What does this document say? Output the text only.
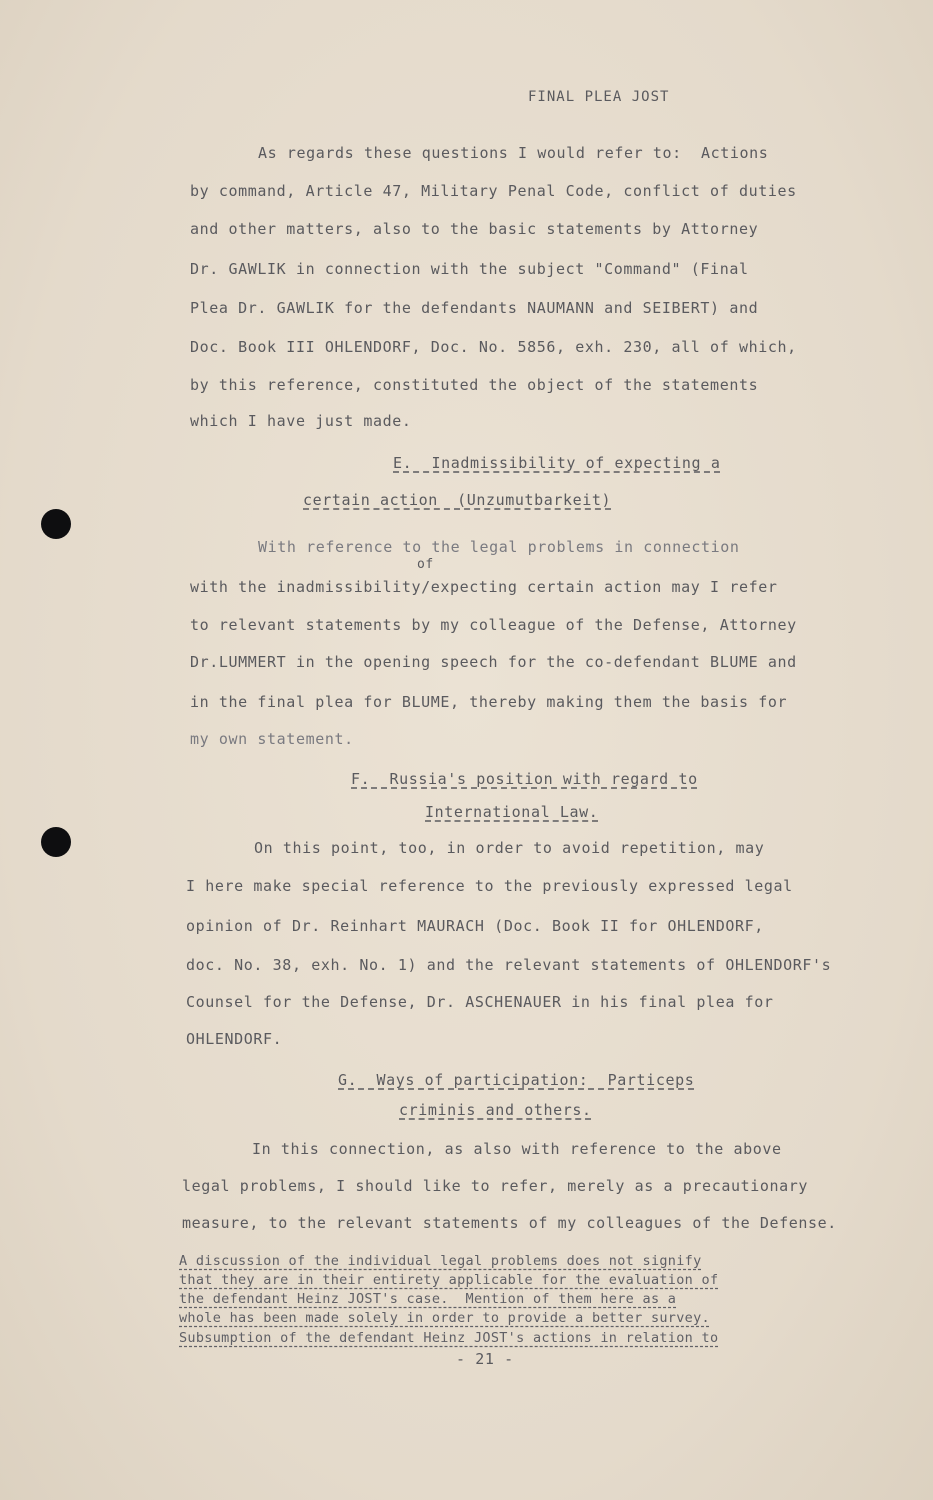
FINAL PLEA JOST
As regards these questions I would refer to:  Actions
by command, Article 47, Military Penal Code, conflict of duties
and other matters, also to the basic statements by Attorney
Dr. GAWLIK in connection with the subject "Command" (Final
Plea Dr. GAWLIK for the defendants NAUMANN and SEIBERT) and
Doc. Book III OHLENDORF, Doc. No. 5856, exh. 230, all of which,
by this reference, constituted the object of the statements
which I have just made.
E.  Inadmissibility of expecting a
certain action  (Unzumutbarkeit)
With reference to the legal problems in connection
of
with the inadmissibility/expecting certain action may I refer
to relevant statements by my colleague of the Defense, Attorney
Dr.LUMMERT in the opening speech for the co-defendant BLUME and
in the final plea for BLUME, thereby making them the basis for
my own statement.
F.  Russia's position with regard to
International Law.
On this point, too, in order to avoid repetition, may
I here make special reference to the previously expressed legal
opinion of Dr. Reinhart MAURACH (Doc. Book II for OHLENDORF,
doc. No. 38, exh. No. 1) and the relevant statements of OHLENDORF's
Counsel for the Defense, Dr. ASCHENAUER in his final plea for
OHLENDORF.
G.  Ways of participation:  Particeps
criminis and others.
In this connection, as also with reference to the above
legal problems, I should like to refer, merely as a precautionary
measure, to the relevant statements of my colleagues of the Defense.
A discussion of the individual legal problems does not signify
that they are in their entirety applicable for the evaluation of
the defendant Heinz JOST's case.  Mention of them here as a
whole has been made solely in order to provide a better survey.
Subsumption of the defendant Heinz JOST's actions in relation to
- 21 -
